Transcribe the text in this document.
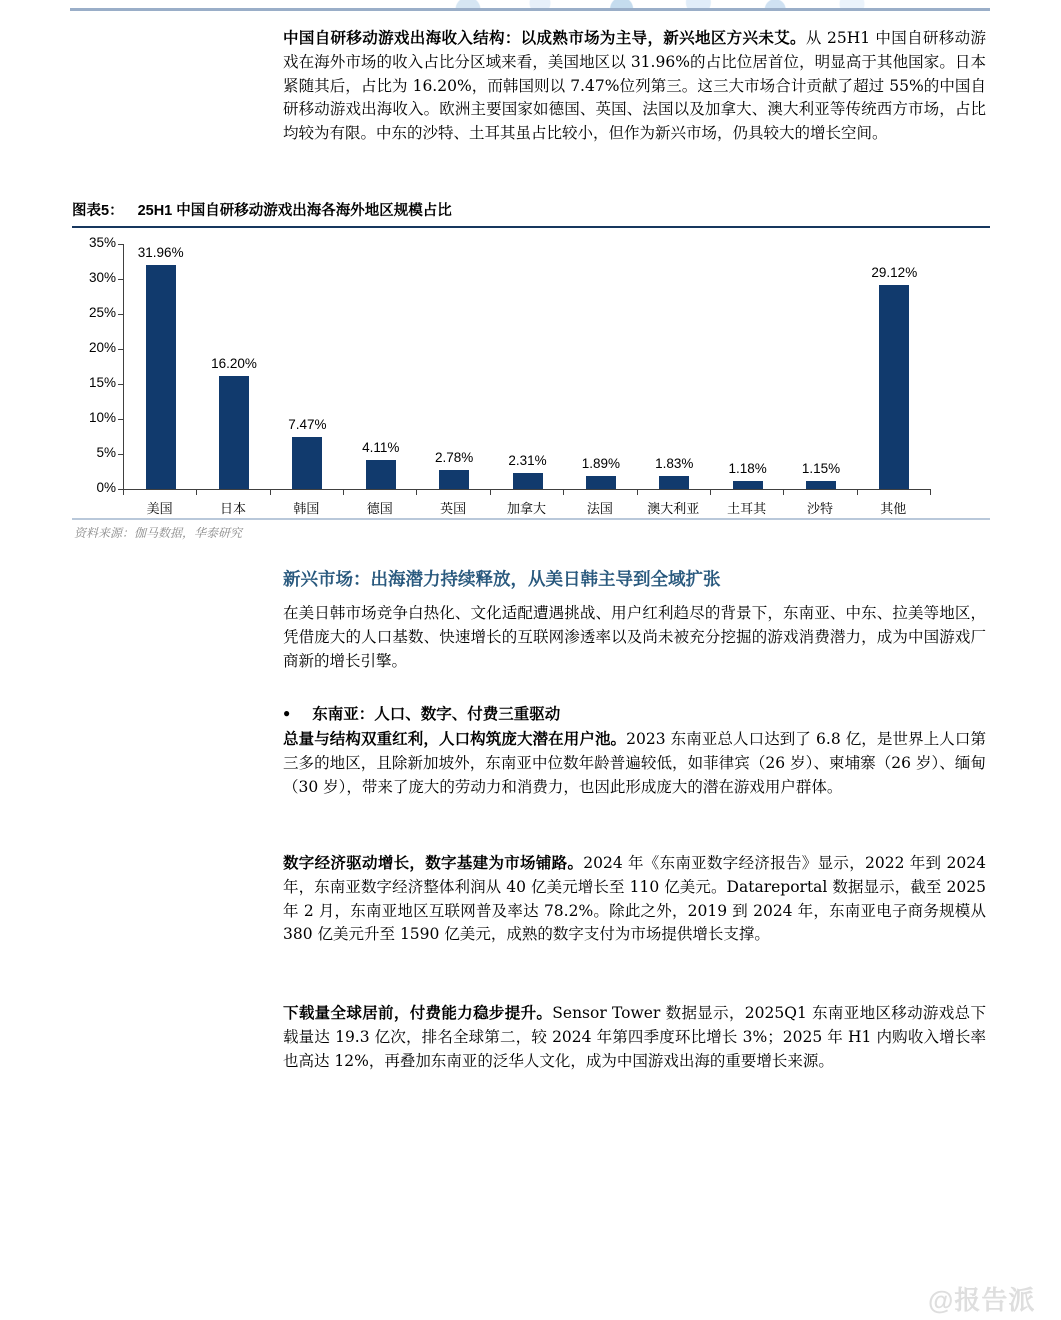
中国自研移动游戏出海收入结构：以成熟市场为主导，新兴地区方兴未艾。从 25H1 中国自研移动游戏在海外市场的收入占比分区域来看，美国地区以 31.96%的占比位居首位，明显高于其他国家。日本紧随其后，占比为 16.20%，而韩国则以 7.47%位列第三。这三大市场合计贡献了超过 55%的中国自研移动游戏出海收入。欧洲主要国家如德国、英国、法国以及加拿大、澳大利亚等传统西方市场，占比均较为有限。中东的沙特、土耳其虽占比较小，但作为新兴市场，仍具较大的增长空间。

图表5： 25H1 中国自研移动游戏出海各海外地区规模占比
31.96%
16.20%
7.47%
4.11%
2.78%	2.31%	1.89%	1.83%	1.18%	1.15%
29.12%
美国	日本	韩国	德国	英国	加拿大	法国	澳大利亚	土耳其	沙特	其他
0%
5%
10%
15%
20%
25%
30%
35%
资料来源：伽马数据，华泰研究
新兴市场：出海潜力持续释放，从美日韩主导到全域扩张

在美日韩市场竞争白热化、文化适配遭遇挑战、用户红利趋尽的背景下，东南亚、中东、拉美等地区，凭借庞大的人口基数、快速增长的互联网渗透率以及尚未被充分挖掘的游戏消费潜力，成为中国游戏厂商新的增长引擎。

● 东南亚：人口、数字、付费三重驱动

总量与结构双重红利，人口构筑庞大潜在用户池。2023 东南亚总人口达到了 6.8 亿，是世界上人口第三多的地区，且除新加坡外，东南亚中位数年龄普遍较低，如菲律宾（26 岁）、柬埔寨（26 岁）、缅甸（30 岁），带来了庞大的劳动力和消费力，也因此形成庞大的潜在游戏用户群体。

数字经济驱动增长，数字基建为市场铺路。2024 年《东南亚数字经济报告》显示，2022 年到 2024 年，东南亚数字经济整体利润从 40 亿美元增长至 110 亿美元。Datareportal 数据显示，截至 2025 年 2 月，东南亚地区互联网普及率达 78.2%。除此之外，2019 到 2024 年，东南亚电子商务规模从 380 亿美元升至 1590 亿美元，成熟的数字支付为市场提供增长支撑。

下载量全球居前，付费能力稳步提升。Sensor Tower 数据显示，2025Q1 东南亚地区移动游戏总下载量达 19.3 亿次，排名全球第二，较 2024 年第四季度环比增长 3%；2025 年 H1 内购收入增长率也高达 12%，再叠加东南亚的泛华人文化，成为中国游戏出海的重要增长来源。

@报告派
